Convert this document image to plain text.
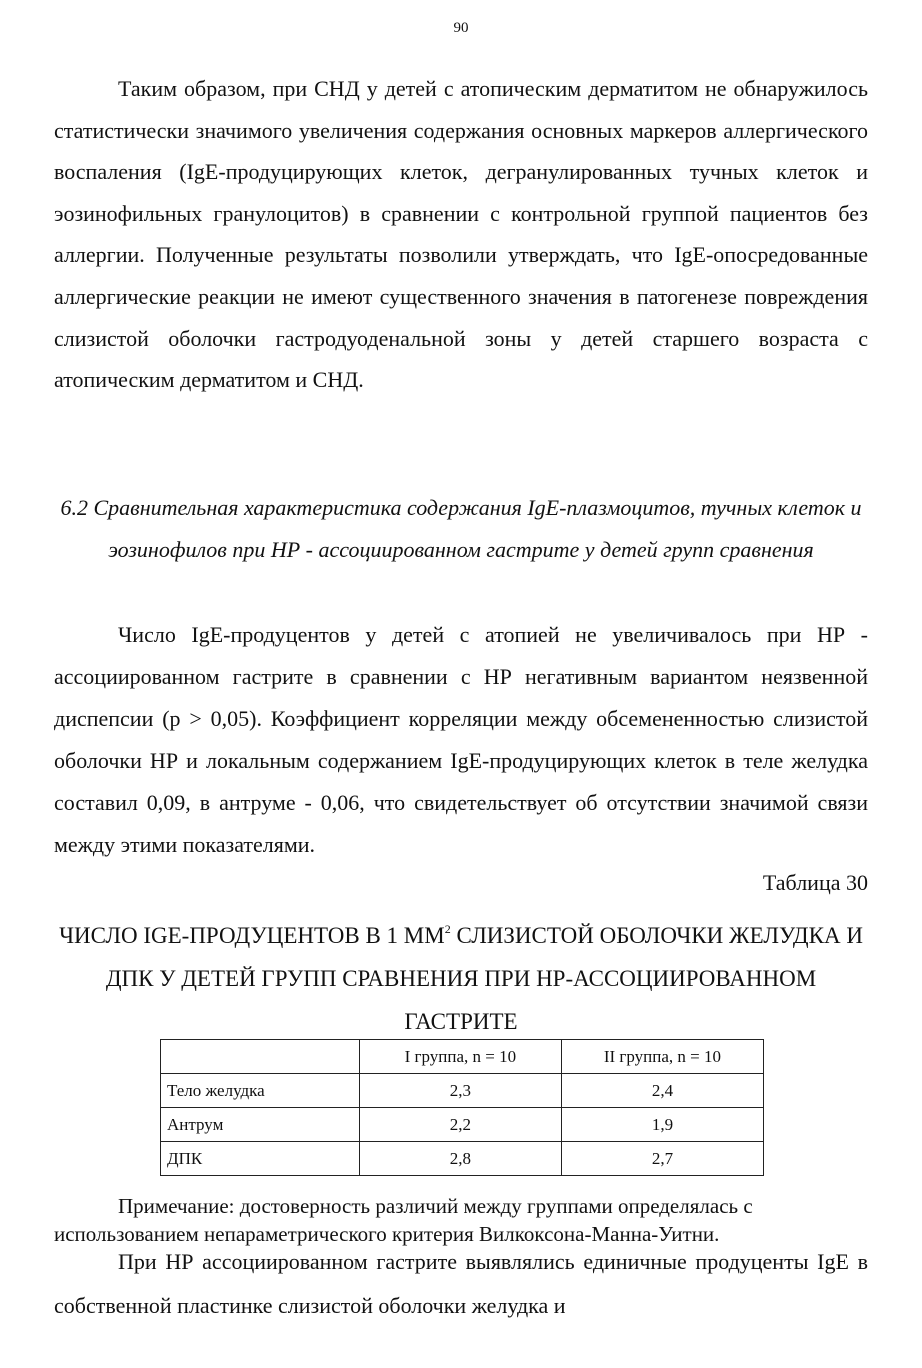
90

Таким образом, при СНД у детей с атопическим дерматитом не обнаружилось статистически значимого увеличения содержания основных маркеров аллергического воспаления (IgE-продуцирующих клеток, дегранулированных тучных клеток и эозинофильных гранулоцитов) в сравнении с контрольной группой пациентов без аллергии. Полученные результаты позволили утверждать, что IgE-опосредованные аллергические реакции не имеют существенного значения в патогенезе повреждения слизистой оболочки гастродуоденальной зоны у детей старшего возраста с атопическим дерматитом и СНД.

6.2 Сравнительная характеристика содержания IgE-плазмоцитов, тучных клеток и эозинофилов при НР - ассоциированном гастрите у детей групп сравнения

Число IgE-продуцентов у детей с атопией не увеличивалось при НР - ассоциированном гастрите в сравнении с НР негативным вариантом неязвенной диспепсии (p > 0,05). Коэффициент корреляции между обсемененностью слизистой оболочки НР и локальным содержанием IgE-продуцирующих клеток в теле желудка составил 0,09, в антруме - 0,06, что свидетельствует об отсутствии значимой связи между этими показателями.

Таблица 30
ЧИСЛО IGE-ПРОДУЦЕНТОВ В 1 $ММ^2$ СЛИЗИСТОЙ ОБОЛОЧКИ ЖЕЛУДКА И ДПК У ДЕТЕЙ ГРУПП СРАВНЕНИЯ ПРИ НР-АССОЦИИРОВАННОМ ГАСТРИТЕ
	I группа, n = 10	II группа, n = 10
Тело желудка	2,3	2,4
Антрум	2,2	1,9
ДПК	2,8	2,7

Примечание: достоверность различий между группами определялась с использованием непараметрического критерия Вилкоксона-Манна-Уитни.

При НР ассоциированном гастрите выявлялись единичные продуценты IgE в собственной пластинке слизистой оболочки желудка и
